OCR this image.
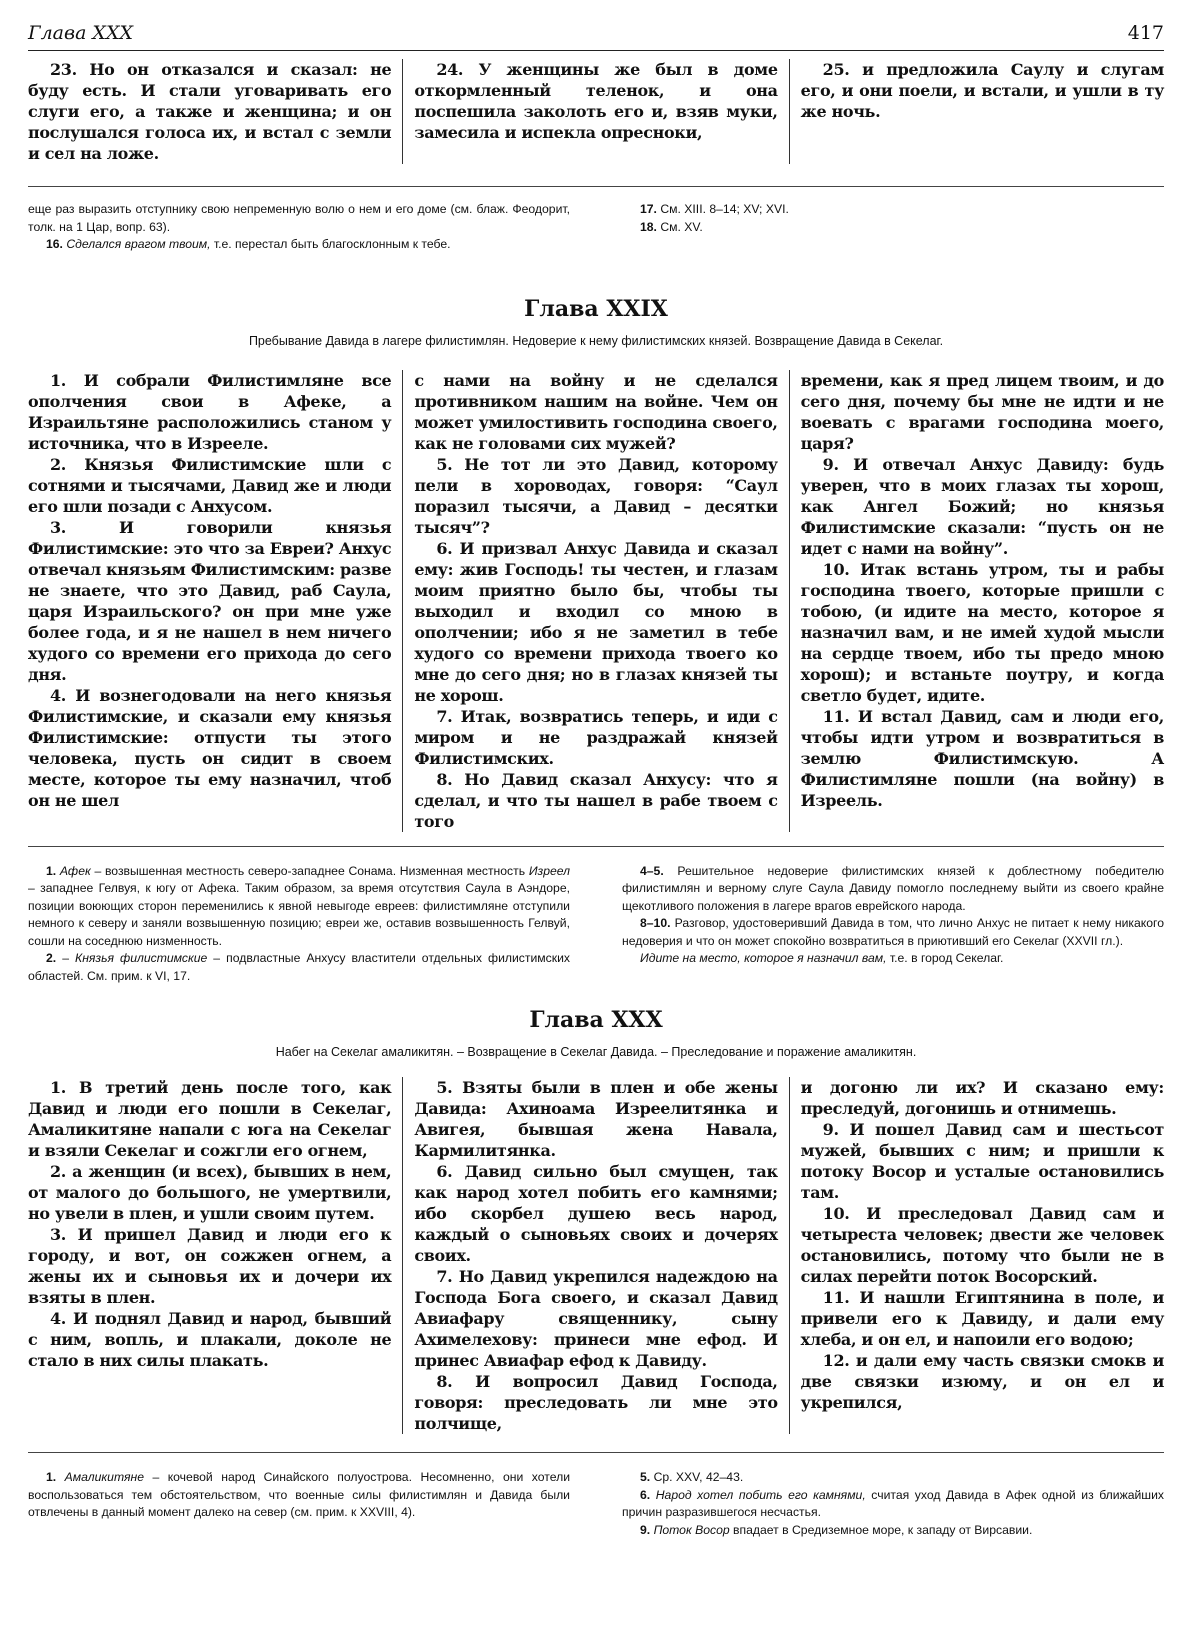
Глава XXX	417

23. Но он отказался и сказал: не буду есть. И стали уговаривать его слуги его, а также и женщина; и он послушался голоса их, и встал с земли и сел на ложе.

24. У женщины же был в доме откормленный теленок, и она поспешила заколоть его и, взяв муки, замесила и испекла опресноки,

25. и предложила Саулу и слугам его, и они поели, и встали, и ушли в ту же ночь.

еще раз выразить отступнику свою непременную волю о нем и его доме (см. блаж. Феодорит, толк. на 1 Цар, вопр. 63).

16. Сделался врагом твоим, т.е. перестал быть благосклонным к тебе.

17. См. XIII. 8–14; XV; XVI.

18. См. XV.

Глава XXIX
Пребывание Давида в лагере филистимлян. Недоверие к нему филистимских князей. Возвращение Давида в Секелаг.

1. И собрали Филистимляне все ополчения свои в Афеке, а Израильтяне расположились станом у источника, что в Изрееле.

2. Князья Филистимские шли с сотнями и тысячами, Давид же и люди его шли позади с Анхусом.

3. И говорили князья Филистимские: это что за Евреи? Анхус отвечал князьям Филистимским: разве не знаете, что это Давид, раб Саула, царя Израильского? он при мне уже более года, и я не нашел в нем ничего худого со времени его прихода до сего дня.

4. И вознегодовали на него князья Филистимские, и сказали ему князья Филистимские: отпусти ты этого человека, пусть он сидит в своем месте, которое ты ему назначил, чтоб он не шел

с нами на войну и не сделался противником нашим на войне. Чем он может умилостивить господина своего, как не головами сих мужей?

5. Не тот ли это Давид, которому пели в хороводах, говоря: “Саул поразил тысячи, а Давид – десятки тысяч”?

6. И призвал Анхус Давида и сказал ему: жив Господь! ты честен, и глазам моим приятно было бы, чтобы ты выходил и входил со мною в ополчении; ибо я не заметил в тебе худого со времени прихода твоего ко мне до сего дня; но в глазах князей ты не хорош.

7. Итак, возвратись теперь, и иди с миром и не раздражай князей Филистимских.

8. Но Давид сказал Анхусу: что я сделал, и что ты нашел в рабе твоем с того

времени, как я пред лицем твоим, и до сего дня, почему бы мне не идти и не воевать с врагами господина моего, царя?

9. И отвечал Анхус Давиду: будь уверен, что в моих глазах ты хорош, как Ангел Божий; но князья Филистимские сказали: “пусть он не идет с нами на войну”.

10. Итак встань утром, ты и рабы господина твоего, которые пришли с тобою, (и идите на место, которое я назначил вам, и не имей худой мысли на сердце твоем, ибо ты предо мною хорош); и встаньте поутру, и когда светло будет, идите.

11. И встал Давид, сам и люди его, чтобы идти утром и возвратиться в землю Филистимскую. А Филистимляне пошли (на войну) в Изреель.

1. Афек – возвышенная местность северо-западнее Сонама. Низменная местность Изреел – западнее Гелвуя, к югу от Афека. Таким образом, за время отсутствия Саула в Аэндоре, позиции воюющих сторон переменились к явной невыгоде евреев: филистимляне отступили немного к северу и заняли возвышенную позицию; евреи же, оставив возвышенность Гелвуй, сошли на соседнюю низменность.

2. – Князья филистимские – подвластные Анхусу властители отдельных филистимских областей. См. прим. к VI, 17.

4–5. Решительное недоверие филистимских князей к доблестному победителю филистимлян и верному слуге Саула Давиду помогло последнему выйти из своего крайне щекотливого положения в лагере врагов еврейского народа.

8–10. Разговор, удостоверивший Давида в том, что лично Анхус не питает к нему никакого недоверия и что он может спокойно возвратиться в приютивший его Секелаг (XXVII гл.).

Идите на место, которое я назначил вам, т.е. в город Секелаг.

Глава XXX
Набег на Секелаг амаликитян. – Возвращение в Секелаг Давида. – Преследование и поражение амаликитян.

1. В третий день после того, как Давид и люди его пошли в Секелаг, Амаликитяне напали с юга на Секелаг и взяли Секелаг и сожгли его огнем,

2. а женщин (и всех), бывших в нем, от малого до большого, не умертвили, но увели в плен, и ушли своим путем.

3. И пришел Давид и люди его к городу, и вот, он сожжен огнем, а жены их и сыновья их и дочери их взяты в плен.

4. И поднял Давид и народ, бывший с ним, вопль, и плакали, доколе не стало в них силы плакать.

5. Взяты были в плен и обе жены Давида: Ахиноама Изреелитянка и Авигея, бывшая жена Навала, Кармилитянка.

6. Давид сильно был смущен, так как народ хотел побить его камнями; ибо скорбел душею весь народ, каждый о сыновьях своих и дочерях своих.

7. Но Давид укрепился надеждою на Господа Бога своего, и сказал Давид Авиафару священнику, сыну Ахимелехову: принеси мне ефод. И принес Авиафар ефод к Давиду.

8. И вопросил Давид Господа, говоря: преследовать ли мне это полчище,

и догоню ли их? И сказано ему: преследуй, догонишь и отнимешь.

9. И пошел Давид сам и шестьсот мужей, бывших с ним; и пришли к потоку Восор и усталые остановились там.

10. И преследовал Давид сам и четыреста человек; двести же человек остановились, потому что были не в силах перейти поток Восорский.

11. И нашли Египтянина в поле, и привели его к Давиду, и дали ему хлеба, и он ел, и напоили его водою;

12. и дали ему часть связки смокв и две связки изюму, и он ел и укрепился,

1. Амаликитяне – кочевой народ Синайского полуострова. Несомненно, они хотели воспользоваться тем обстоятельством, что военные силы филистимлян и Давида были отвлечены в данный момент далеко на север (см. прим. к XXVIII, 4).

5. Ср. XXV, 42–43.

6. Народ хотел побить его камнями, считая уход Давида в Афек одной из ближайших причин разразившегося несчастья.

9. Поток Восор впадает в Средиземное море, к западу от Вирсавии.
